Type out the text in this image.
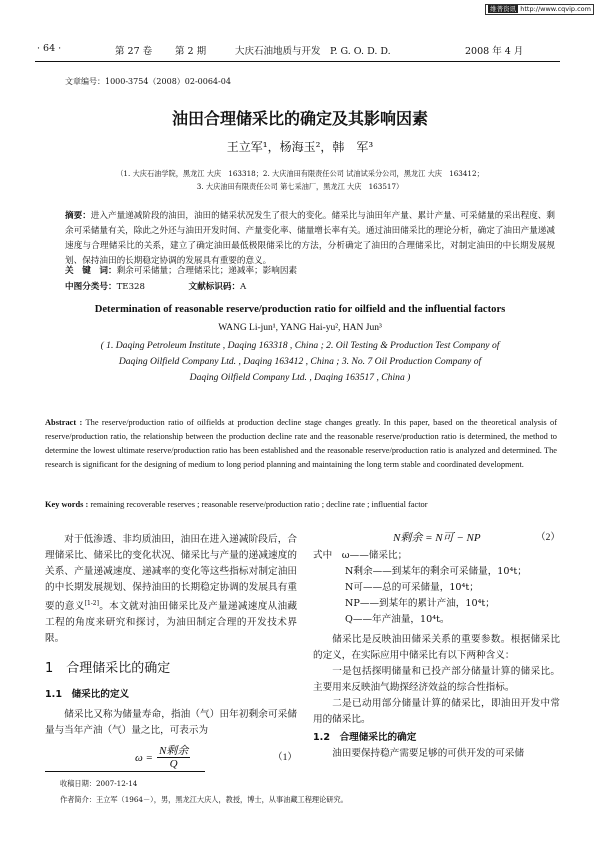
维普资讯 http://www.cqvip.com
· 64 ·	第 27 卷 第 2 期	大庆石油地质与开发　P. G. O. D. D.	2008 年 4 月
文章编号：1000-3754（2008）02-0064-04
油田合理储采比的确定及其影响因素
王立军¹，杨海玉²，韩　军³
（1. 大庆石油学院，黑龙江 大庆　163318；2. 大庆油田有限责任公司 试油试采分公司，黑龙江 大庆　163412；
3. 大庆油田有限责任公司 第七采油厂，黑龙江 大庆　163517）
摘要：进入产量递减阶段的油田，油田的储采状况发生了很大的变化。储采比与油田年产量、累计产量、可采储量的采出程度、剩余可采储量有关，除此之外还与油田开发时间、产量变化率、储量增长率有关。通过油田储采比的理论分析，确定了油田产量递减速度与合理储采比的关系，建立了确定油田最低极限储采比的方法，分析确定了油田的合理储采比，对制定油田的中长期发展规划、保持油田的长期稳定协调的发展具有重要的意义。
关　键　词：剩余可采储量；合理储采比；递减率；影响因素
中图分类号：TE328	文献标识码：A
Determination of reasonable reserve/production ratio for oilfield and the influential factors
WANG Li-jun¹, YANG Hai-yu², HAN Jun³
( 1. Daqing Petroleum Institute , Daqing 163318 , China ; 2. Oil Testing & Production Test Company of
Daqing Oilfield Company Ltd. , Daqing 163412 , China ; 3. No. 7 Oil Production Company of
Daqing Oilfield Company Ltd. , Daqing 163517 , China )
Abstract : The reserve/production ratio of oilfields at production decline stage changes greatly. In this paper, based on the theoretical analysis of reserve/production ratio, the relationship between the production decline rate and the reasonable reserve/production ratio is determined, the method to determine the lowest ultimate reserve/production ratio has been established and the reasonable reserve/production ratio is analyzed and determined. The research is significant for the designing of medium to long period planning and maintaining the long term stable and coordinated development.
Key words : remaining recoverable reserves ; reasonable reserve/production ratio ; decline rate ; influential factor
对于低渗透、非均质油田，油田在进入递减阶段后，合理储采比、储采比的变化状况、储采比与产量的递减速度的关系、产量递减速度、递减率的变化等这些指标对制定油田的中长期发展规划、保持油田的长期稳定协调的发展具有重要的意义[1-2]。本文就对油田储采比及产量递减速度从油藏工程的角度来研究和探讨，为油田制定合理的开发技术界限。
1　合理储采比的确定
1.1　储采比的定义
储采比又称为储量寿命，指油（气）田年初剩余可采储量与当年产油（气）量之比，可表示为
$\omega = \frac{\text{N剩余}}{Q}$	（1）
N剩余 = N可 − NP	（2）
式中　ω——储采比；
N剩余——到某年的剩余可采储量，10⁴t；
N可——总的可采储量，10⁴t；
NP——到某年的累计产油，10⁴t；
Q——年产油量，10⁴t。
储采比是反映油田储采关系的重要参数。根据储采比的定义，在实际应用中储采比有以下两种含义：
一是包括探明储量和已投产部分储量计算的储采比。主要用来反映油气勘探经济效益的综合性指标。
二是已动用部分储量计算的储采比，即油田开发中常用的储采比。
1.2　合理储采比的确定
油田要保持稳产需要足够的可供开发的可采储
收稿日期：2007-12-14
作者简介：王立军（1964－），男，黑龙江大庆人，教授，博士，从事油藏工程理论研究。
